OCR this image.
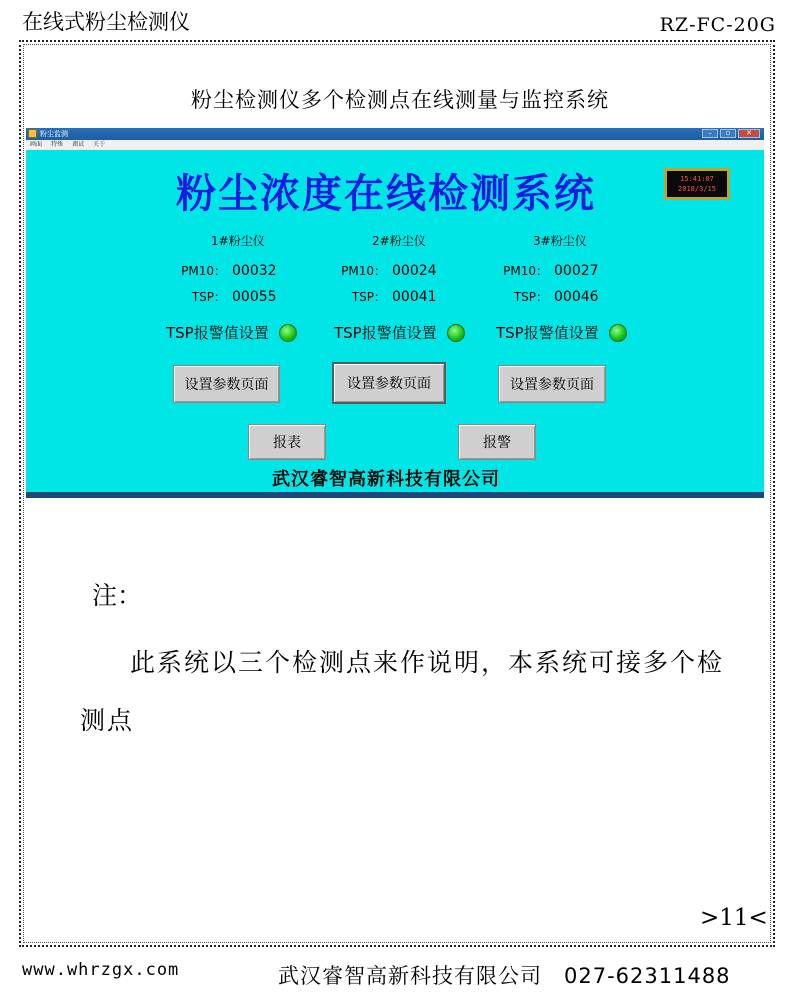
在线式粉尘检测仪	RZ-FC-20G
粉尘检测仪多个检测点在线测量与监控系统
粉尘监测	–	▫	✕
画面 特殊 调试 关于
粉尘浓度在线检测系统	15:41:07
2018/3/15
1#粉尘仪
PM10： 00032
TSP： 00055
TSP报警值设置
设置参数页面
2#粉尘仪
PM10： 00024
TSP： 00041
TSP报警值设置
设置参数页面
3#粉尘仪
PM10： 00027
TSP： 00046
TSP报警值设置
设置参数页面
报表	报警
武汉睿智高新科技有限公司
注：
此系统以三个检测点来作说明，本系统可接多个检测点
>11<
www.whrzgx.com	武汉睿智高新科技有限公司　027-62311488
